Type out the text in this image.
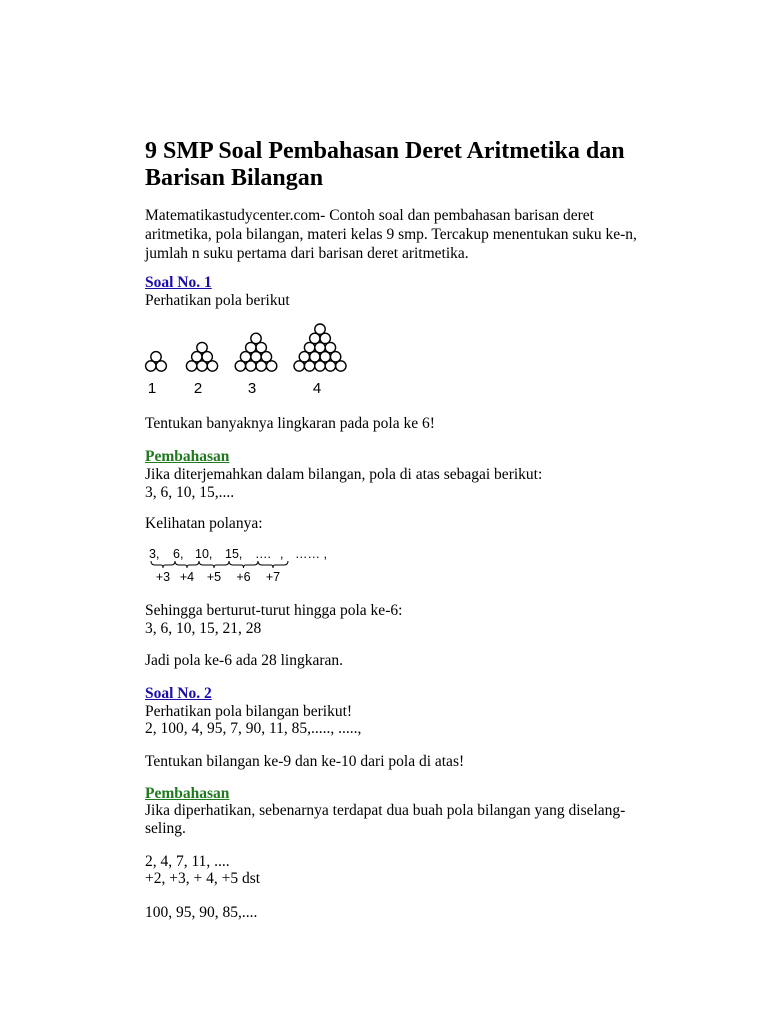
9 SMP Soal Pembahasan Deret Aritmetika dan Barisan Bilangan

Matematikastudycenter.com- Contoh soal dan pembahasan barisan deret

aritmetika, pola bilangan, materi kelas 9 smp. Tercakup menentukan suku ke-n,

jumlah n suku pertama dari barisan deret aritmetika.

Soal No. 1

Perhatikan pola berikut

1	2	3	4

Tentukan banyaknya lingkaran pada pola ke 6!

Pembahasan

Jika diterjemahkan dalam bilangan, pola di atas sebagai berikut:

3, 6, 10, 15,....

Kelihatan polanya:

3, 6, 10, 15, …. , …… ,
+3 +4 +5 +6 +7

Sehingga berturut-turut hingga pola ke-6:

3, 6, 10, 15, 21, 28

Jadi pola ke-6 ada 28 lingkaran.

Soal No. 2

Perhatikan pola bilangan berikut!

2, 100, 4, 95, 7, 90, 11, 85,....., .....,

Tentukan bilangan ke-9 dan ke-10 dari pola di atas!

Pembahasan

Jika diperhatikan, sebenarnya terdapat dua buah pola bilangan yang diselang-

seling.

2, 4, 7, 11, ....

+2, +3, + 4, +5 dst

100, 95, 90, 85,....
